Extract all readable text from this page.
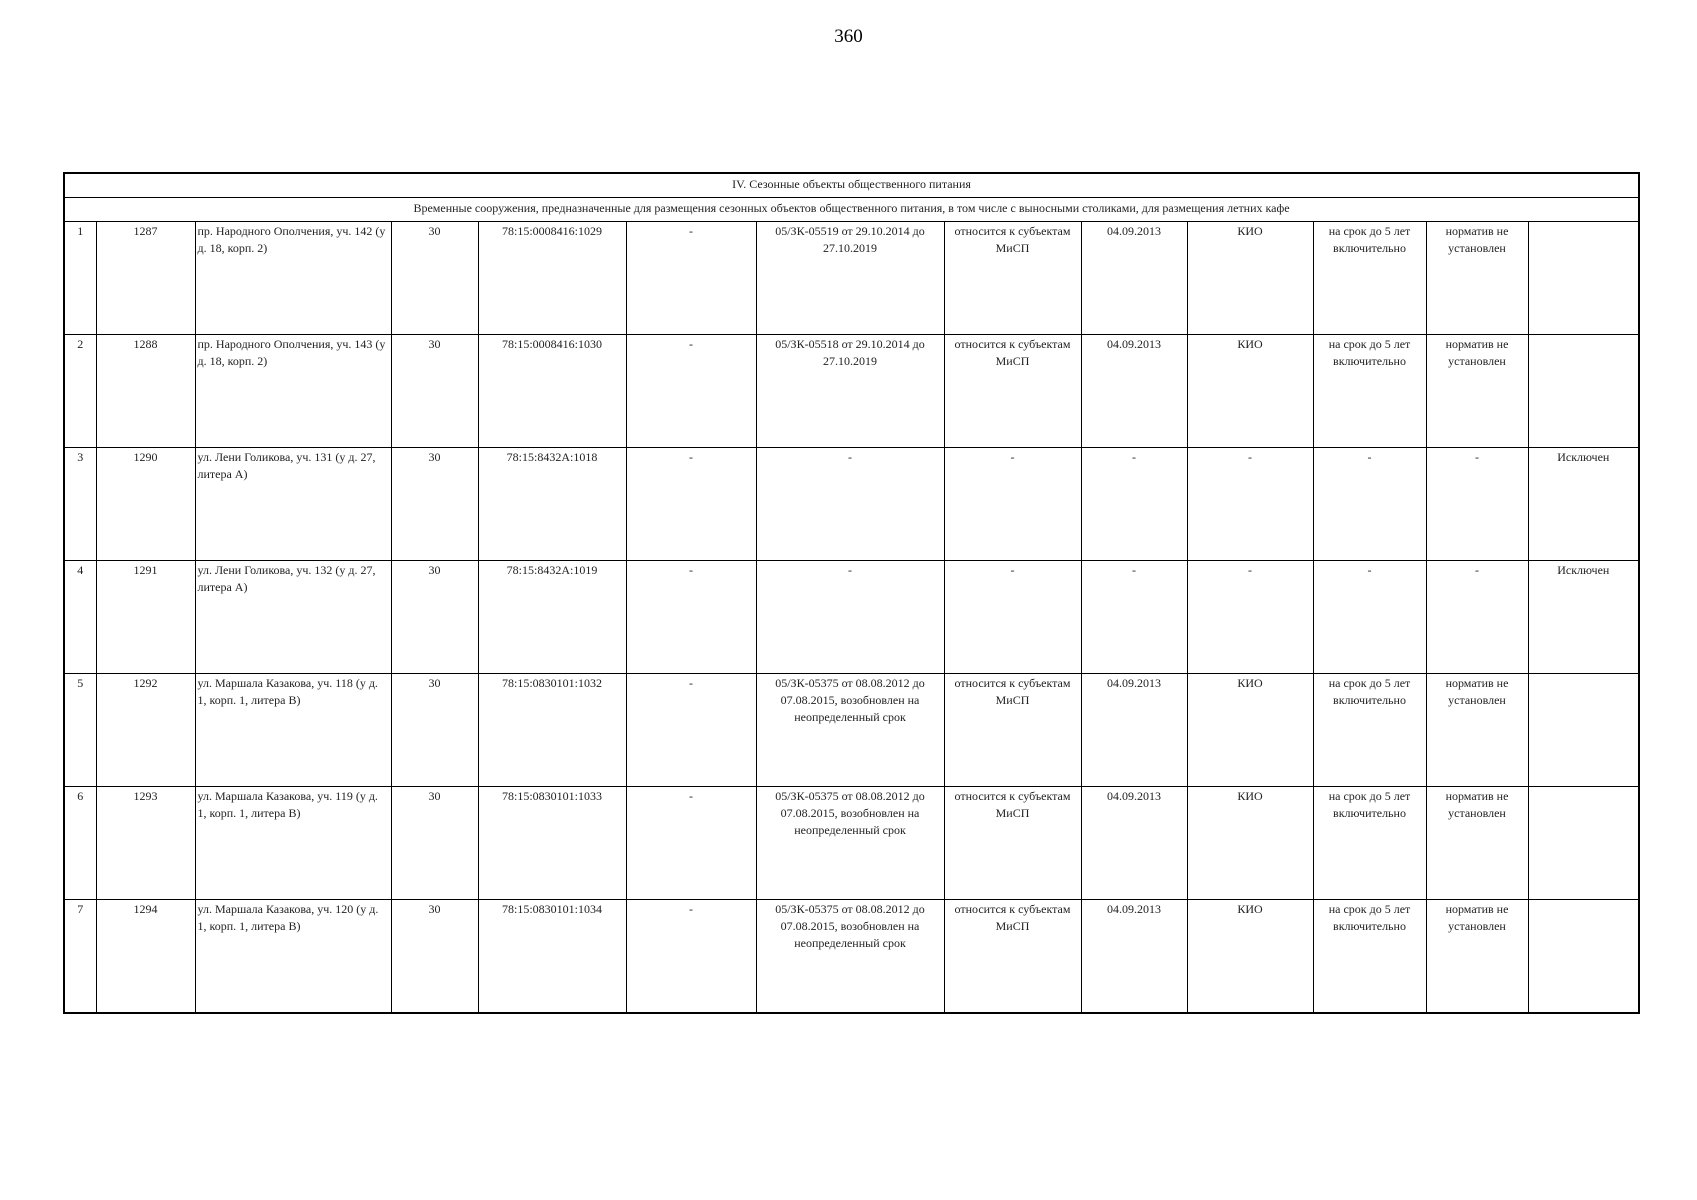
360
IV. Сезонные объекты общественного питания												
Временные сооружения, предназначенные для размещения сезонных объектов общественного питания, в том числе с выносными столиками, для размещения летних кафе												
1	1287	пр. Народного Ополчения, уч. 142 (у д. 18, корп. 2)	30	78:15:0008416:1029	-	05/ЗК-05519 от 29.10.2014 до 27.10.2019	относится к субъектам МиСП	04.09.2013	КИО	на срок до 5 лет включительно	норматив не установлен	
2	1288	пр. Народного Ополчения, уч. 143 (у д. 18, корп. 2)	30	78:15:0008416:1030	-	05/ЗК-05518 от 29.10.2014 до 27.10.2019	относится к субъектам МиСП	04.09.2013	КИО	на срок до 5 лет включительно	норматив не установлен	
3	1290	ул. Лени Голикова, уч. 131 (у д. 27, литера А)	30	78:15:8432А:1018	-	-	-	-	-	-	-	Исключен
4	1291	ул. Лени Голикова, уч. 132 (у д. 27, литера А)	30	78:15:8432А:1019	-	-	-	-	-	-	-	Исключен
5	1292	ул. Маршала Казакова, уч. 118 (у д. 1, корп. 1, литера В)	30	78:15:0830101:1032	-	05/ЗК-05375 от 08.08.2012 до 07.08.2015, возобновлен на неопределенный срок	относится к субъектам МиСП	04.09.2013	КИО	на срок до 5 лет включительно	норматив не установлен	
6	1293	ул. Маршала Казакова, уч. 119 (у д. 1, корп. 1, литера В)	30	78:15:0830101:1033	-	05/ЗК-05375 от 08.08.2012 до 07.08.2015, возобновлен на неопределенный срок	относится к субъектам МиСП	04.09.2013	КИО	на срок до 5 лет включительно	норматив не установлен	
7	1294	ул. Маршала Казакова, уч. 120 (у д. 1, корп. 1, литера В)	30	78:15:0830101:1034	-	05/ЗК-05375 от 08.08.2012 до 07.08.2015, возобновлен на неопределенный срок	относится к субъектам МиСП	04.09.2013	КИО	на срок до 5 лет включительно	норматив не установлен	
